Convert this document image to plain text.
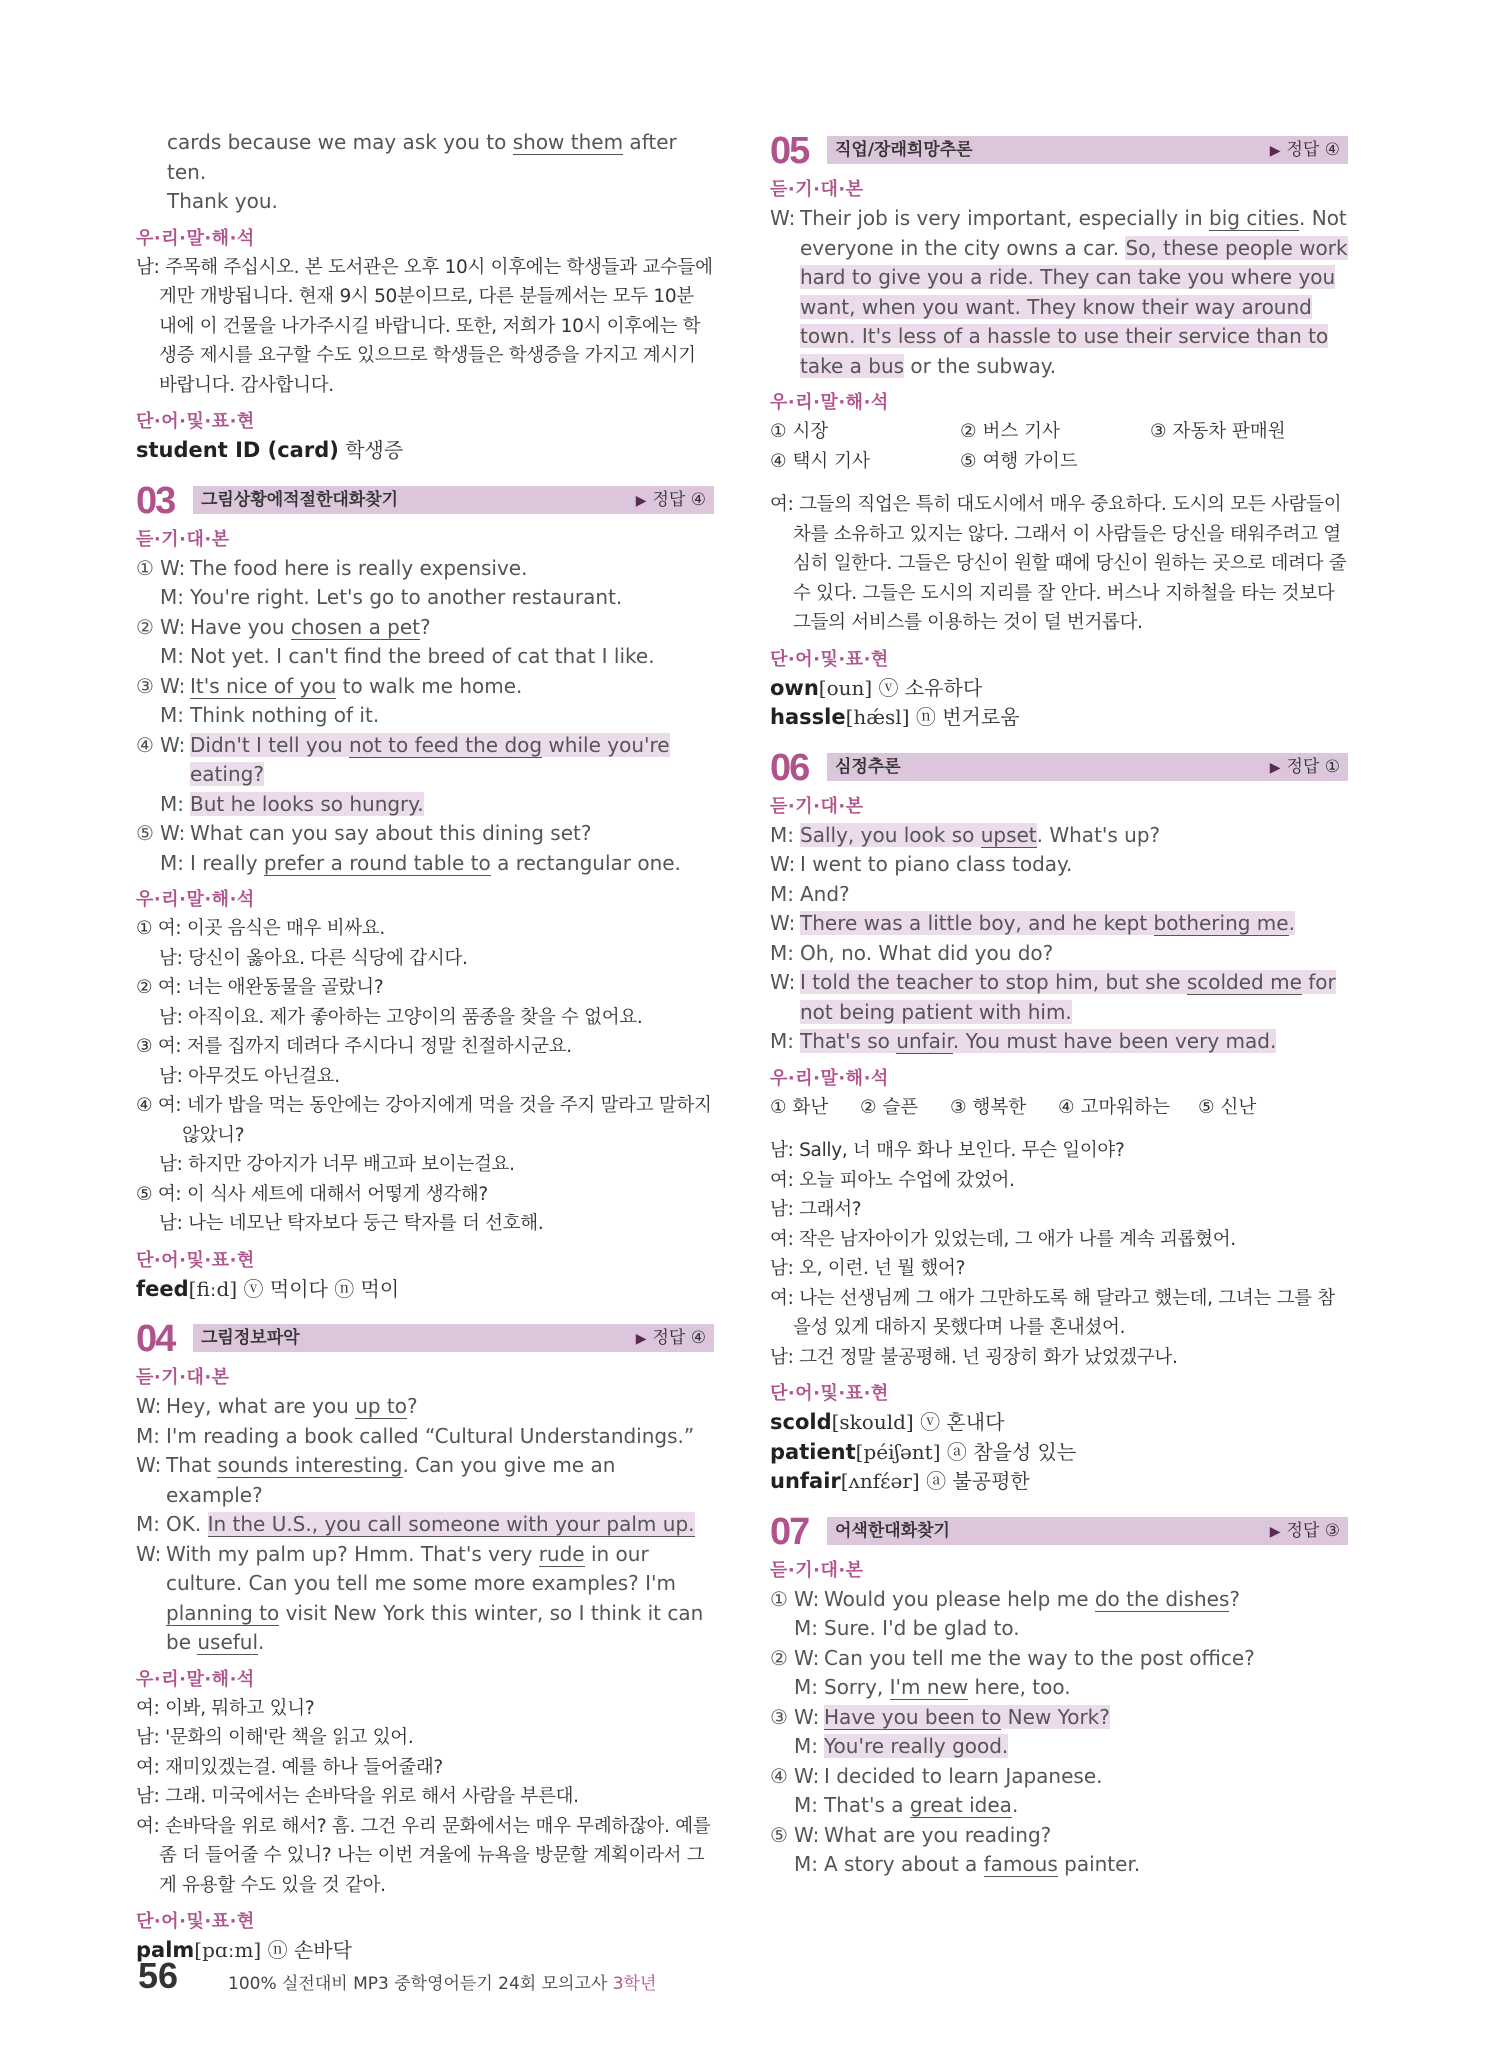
cards because we may ask you to show them after ten.
Thank you.
우·리·말·해·석
남: 주목해 주십시오. 본 도서관은 오후 10시 이후에는 학생들과 교수들에게만 개방됩니다. 현재 9시 50분이므로, 다른 분들께서는 모두 10분 내에 이 건물을 나가주시길 바랍니다. 또한, 저희가 10시 이후에는 학생증 제시를 요구할 수도 있으므로 학생들은 학생증을 가지고 계시기 바랍니다. 감사합니다.
단·어·및·표·현
student ID (card) 학생증
03 그림상황에적절한대화찾기	▶ 정답 ④
듣·기·대·본
① W: The food here is really expensive.
M: You're right. Let's go to another restaurant.
② W: Have you chosen a pet?
M: Not yet. I can't find the breed of cat that I like.
③ W: It's nice of you to walk me home.
M: Think nothing of it.
④ W: Didn't I tell you not to feed the dog while you're eating?
M: But he looks so hungry.
⑤ W: What can you say about this dining set?
M: I really prefer a round table to a rectangular one.
우·리·말·해·석
① 여: 이곳 음식은 매우 비싸요.
남: 당신이 옳아요. 다른 식당에 갑시다.
② 여: 너는 애완동물을 골랐니?
남: 아직이요. 제가 좋아하는 고양이의 품종을 찾을 수 없어요.
③ 여: 저를 집까지 데려다 주시다니 정말 친절하시군요.
남: 아무것도 아닌걸요.
④ 여: 네가 밥을 먹는 동안에는 강아지에게 먹을 것을 주지 말라고 말하지 않았니?
남: 하지만 강아지가 너무 배고파 보이는걸요.
⑤ 여: 이 식사 세트에 대해서 어떻게 생각해?
남: 나는 네모난 탁자보다 둥근 탁자를 더 선호해.
단·어·및·표·현
feed[fiːd] ⓥ 먹이다 ⓝ 먹이
04 그림정보파악	▶ 정답 ④
듣·기·대·본
W: Hey, what are you up to?
M: I'm reading a book called “Cultural Understandings.”
W: That sounds interesting. Can you give me an example?
M: OK. In the U.S., you call someone with your palm up.
W: With my palm up? Hmm. That's very rude in our culture. Can you tell me some more examples? I'm planning to visit New York this winter, so I think it can be useful.
우·리·말·해·석
여: 이봐, 뭐하고 있니?
남: '문화의 이해'란 책을 읽고 있어.
여: 재미있겠는걸. 예를 하나 들어줄래?
남: 그래. 미국에서는 손바닥을 위로 해서 사람을 부른대.
여: 손바닥을 위로 해서? 흠. 그건 우리 문화에서는 매우 무례하잖아. 예를 좀 더 들어줄 수 있니? 나는 이번 겨울에 뉴욕을 방문할 계획이라서 그게 유용할 수도 있을 것 같아.
단·어·및·표·현
palm[pɑːm] ⓝ 손바닥
05 직업/장래희망추론	▶ 정답 ④
듣·기·대·본
W: Their job is very important, especially in big cities. Not everyone in the city owns a car. So, these people work hard to give you a ride. They can take you where you want, when you want. They know their way around town. It's less of a hassle to use their service than to take a bus or the subway.
우·리·말·해·석
① 시장	② 버스 기사	③ 자동차 판매원
④ 택시 기사	⑤ 여행 가이드
여: 그들의 직업은 특히 대도시에서 매우 중요하다. 도시의 모든 사람들이 차를 소유하고 있지는 않다. 그래서 이 사람들은 당신을 태워주려고 열심히 일한다. 그들은 당신이 원할 때에 당신이 원하는 곳으로 데려다 줄 수 있다. 그들은 도시의 지리를 잘 안다. 버스나 지하철을 타는 것보다 그들의 서비스를 이용하는 것이 덜 번거롭다.
단·어·및·표·현
own[oun] ⓥ 소유하다
hassle[hǽsl] ⓝ 번거로움
06 심정추론	▶ 정답 ①
듣·기·대·본
M: Sally, you look so upset. What's up?
W: I went to piano class today.
M: And?
W: There was a little boy, and he kept bothering me.
M: Oh, no. What did you do?
W: I told the teacher to stop him, but she scolded me for not being patient with him.
M: That's so unfair. You must have been very mad.
우·리·말·해·석
① 화난	② 슬픈	③ 행복한	④ 고마워하는	⑤ 신난
남: Sally, 너 매우 화나 보인다. 무슨 일이야?
여: 오늘 피아노 수업에 갔었어.
남: 그래서?
여: 작은 남자아이가 있었는데, 그 애가 나를 계속 괴롭혔어.
남: 오, 이런. 넌 뭘 했어?
여: 나는 선생님께 그 애가 그만하도록 해 달라고 했는데, 그녀는 그를 참을성 있게 대하지 못했다며 나를 혼내셨어.
남: 그건 정말 불공평해. 넌 굉장히 화가 났었겠구나.
단·어·및·표·현
scold[skould] ⓥ 혼내다
patient[péiʃənt] ⓐ 참을성 있는
unfair[ʌnfέər] ⓐ 불공평한
07 어색한대화찾기	▶ 정답 ③
듣·기·대·본
① W: Would you please help me do the dishes?
M: Sure. I'd be glad to.
② W: Can you tell me the way to the post office?
M: Sorry, I'm new here, too.
③ W: Have you been to New York?
M: You're really good.
④ W: I decided to learn Japanese.
M: That's a great idea.
⑤ W: What are you reading?
M: A story about a famous painter.
56	100% 실전대비 MP3 중학영어듣기 24회 모의고사 3학년
